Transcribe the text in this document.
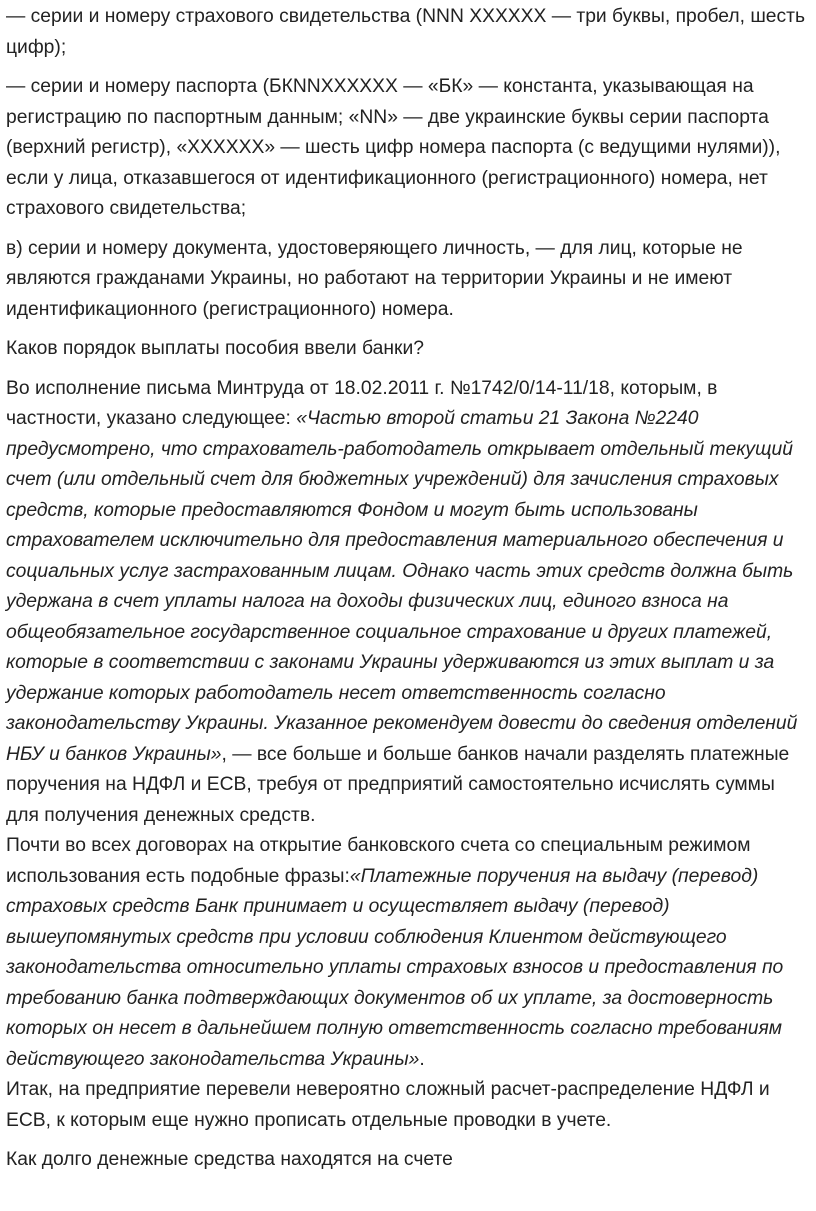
— серии и номеру страхового свидетельства (NNN XXXXXX — три буквы, пробел, шесть цифр);

— серии и номеру паспорта (БКNNXXXXXX — «БК» — константа, указывающая на регистрацию по паспортным данным; «NN» — две украинские буквы серии паспорта (верхний регистр), «XXXXXX» — шесть цифр номера паспорта (с ведущими нулями)), если у лица, отказавшегося от идентификационного (регистрационного) номера, нет страхового свидетельства;

в) серии и номеру документа, удостоверяющего личность, — для лиц, которые не являются гражданами Украины, но работают на территории Украины и не имеют идентификационного (регистрационного) номера.

Каков порядок выплаты пособия ввели банки?

Во исполнение письма Минтруда от 18.02.2011 г. №1742/0/14-11/18, которым, в частности, указано следующее: «Частью второй статьи 21 Закона №2240 предусмотрено, что страхователь-работодатель открывает отдельный текущий счет (или отдельный счет для бюджетных учреждений) для зачисления страховых средств, которые предоставляются Фондом и могут быть использованы страхователем исключительно для предоставления материального обеспечения и социальных услуг застрахованным лицам. Однако часть этих средств должна быть удержана в счет уплаты налога на доходы физических лиц, единого взноса на общеобязательное государственное социальное страхование и других платежей, которые в соответствии с законами Украины удерживаются из этих выплат и за удержание которых работодатель несет ответственность согласно законодательству Украины. Указанное рекомендуем довести до сведения отделений НБУ и банков Украины», — все больше и больше банков начали разделять платежные поручения на НДФЛ и ЕСВ, требуя от предприятий самостоятельно исчислять суммы для получения денежных средств.

Почти во всех договорах на открытие банковского счета со специальным режимом использования есть подобные фразы:«Платежные поручения на выдачу (перевод) страховых средств Банк принимает и осуществляет выдачу (перевод) вышеупомянутых средств при условии соблюдения Клиентом действующего законодательства относительно уплаты страховых взносов и предоставления по требованию банка подтверждающих документов об их уплате, за достоверность которых он несет в дальнейшем полную ответственность согласно требованиям действующего законодательства Украины».

Итак, на предприятие перевели невероятно сложный расчет-распределение НДФЛ и ЕСВ, к которым еще нужно прописать отдельные проводки в учете.

Как долго денежные средства находятся на счете
